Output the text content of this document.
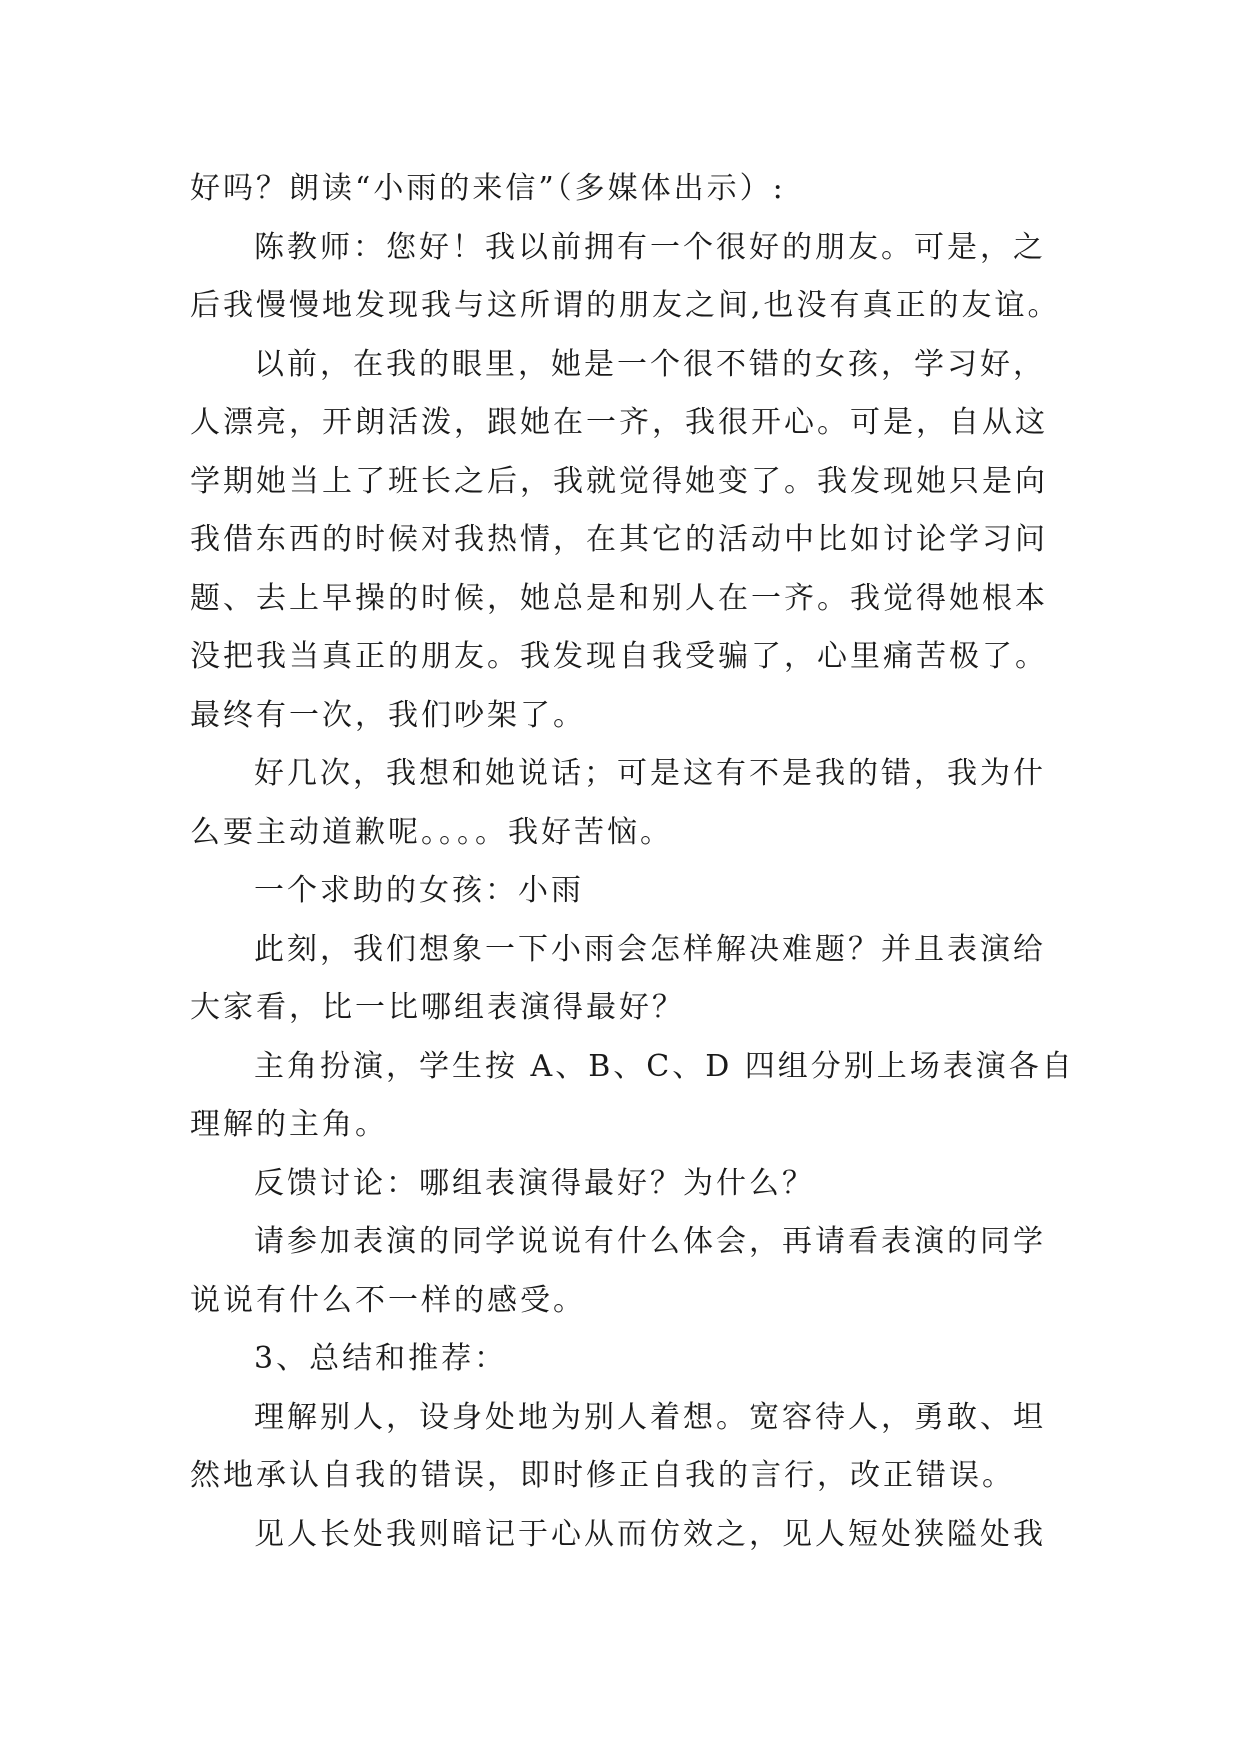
好吗？朗读“小雨的来信”（多媒体出示）:
陈教师：您好！我以前拥有一个很好的朋友。可是，之
后我慢慢地发现我与这所谓的朋友之间,也没有真正的友谊。
以前，在我的眼里，她是一个很不错的女孩，学习好，
人漂亮，开朗活泼，跟她在一齐，我很开心。可是，自从这
学期她当上了班长之后，我就觉得她变了。我发现她只是向
我借东西的时候对我热情，在其它的活动中比如讨论学习问
题、去上早操的时候，她总是和别人在一齐。我觉得她根本
没把我当真正的朋友。我发现自我受骗了，心里痛苦极了。
最终有一次，我们吵架了。
好几次，我想和她说话；可是这有不是我的错，我为什
么要主动道歉呢。。。。我好苦恼。
一个求助的女孩：小雨
此刻，我们想象一下小雨会怎样解决难题？并且表演给
大家看，比一比哪组表演得最好？
主角扮演，学生按 A、B、C、D 四组分别上场表演各自
理解的主角。
反馈讨论：哪组表演得最好？为什么？
请参加表演的同学说说有什么体会，再请看表演的同学
说说有什么不一样的感受。
3、总结和推荐：
理解别人，设身处地为别人着想。宽容待人，勇敢、坦
然地承认自我的错误，即时修正自我的言行，改正错误。
见人长处我则暗记于心从而仿效之，见人短处狭隘处我
